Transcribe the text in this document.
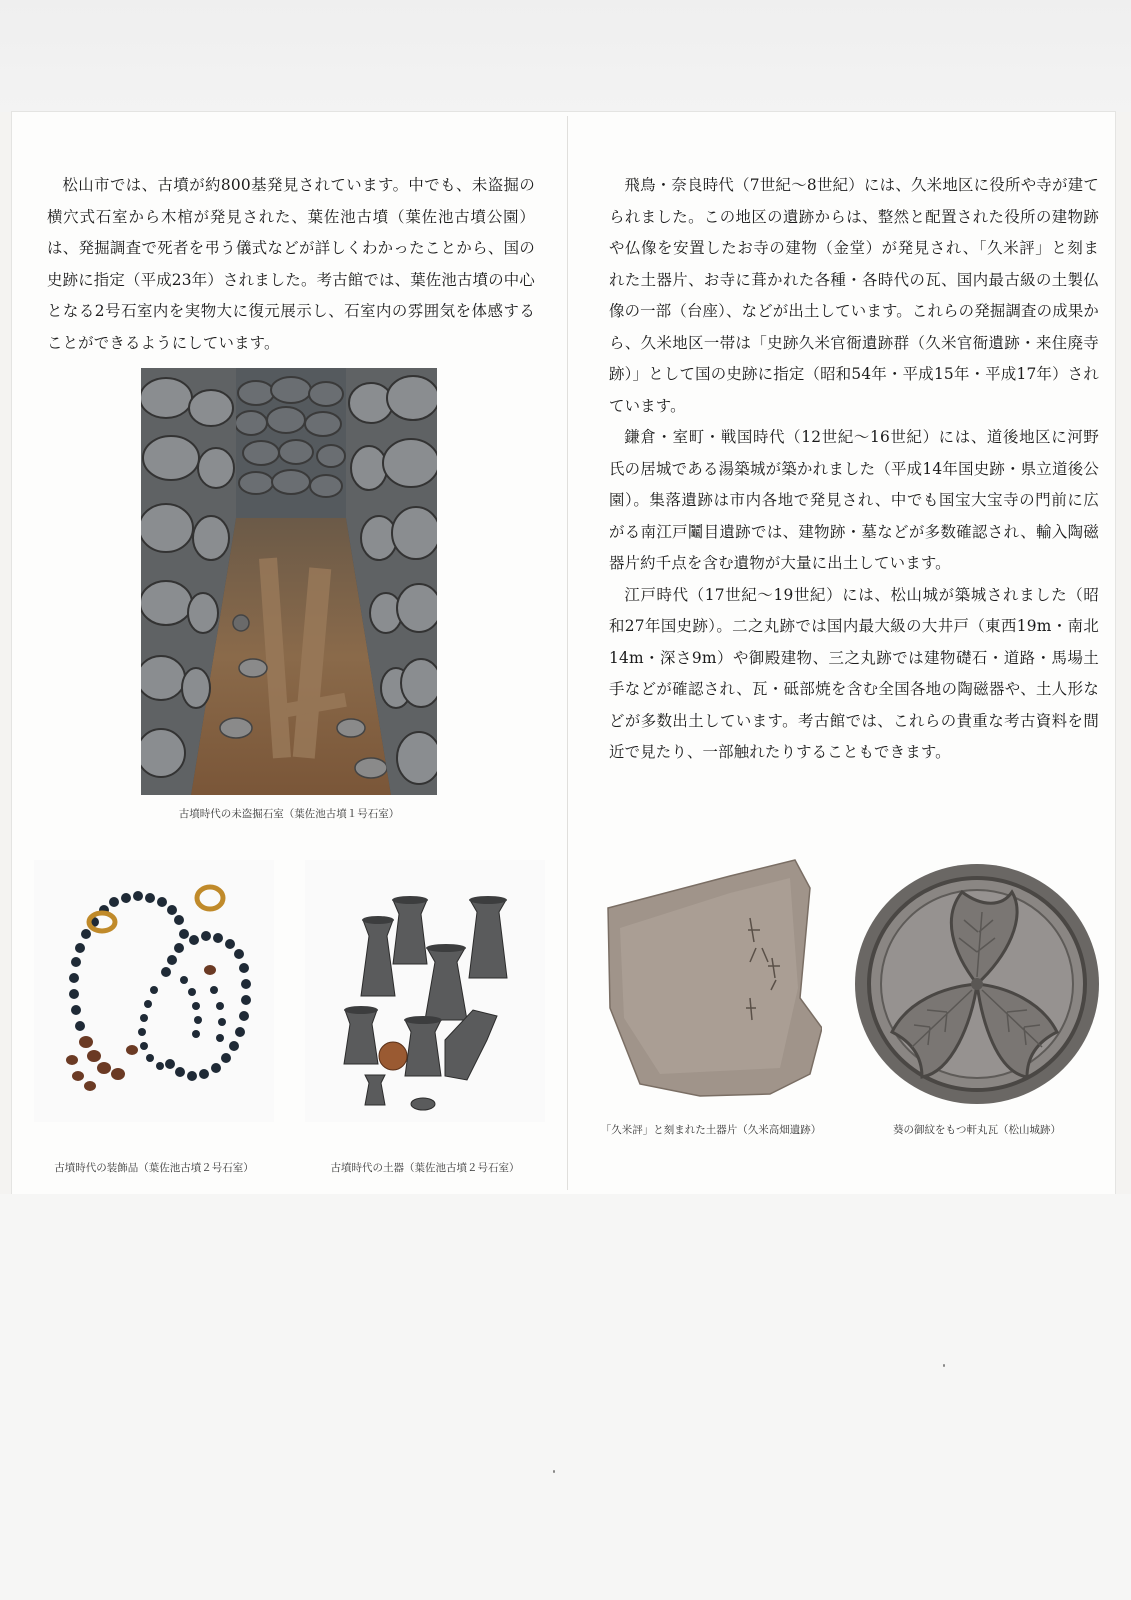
松山市では、古墳が約800基発見されています。中でも、未盗掘の横穴式石室から木棺が発見された、葉佐池古墳（葉佐池古墳公園）は、発掘調査で死者を弔う儀式などが詳しくわかったことから、国の史跡に指定（平成23年）されました。考古館では、葉佐池古墳の中心となる2号石室内を実物大に復元展示し、石室内の雰囲気を体感することができるようにしています。

古墳時代の未盗掘石室（葉佐池古墳１号石室）
古墳時代の装飾品（葉佐池古墳２号石室）	古墳時代の土器（葉佐池古墳２号石室）

飛鳥・奈良時代（7世紀～8世紀）には、久米地区に役所や寺が建てられました。この地区の遺跡からは、整然と配置された役所の建物跡や仏像を安置したお寺の建物（金堂）が発見され、「久米評」と刻まれた土器片、お寺に葺かれた各種・各時代の瓦、国内最古級の土製仏像の一部（台座）、などが出土しています。これらの発掘調査の成果から、久米地区一帯は「史跡久米官衙遺跡群（久米官衙遺跡・来住廃寺跡）」として国の史跡に指定（昭和54年・平成15年・平成17年）されています。

鎌倉・室町・戦国時代（12世紀～16世紀）には、道後地区に河野氏の居城である湯築城が築かれました（平成14年国史跡・県立道後公園）。集落遺跡は市内各地で発見され、中でも国宝大宝寺の門前に広がる南江戸鬮目遺跡では、建物跡・墓などが多数確認され、輸入陶磁器片約千点を含む遺物が大量に出土しています。

江戸時代（17世紀～19世紀）には、松山城が築城されました（昭和27年国史跡）。二之丸跡では国内最大級の大井戸（東西19m・南北14m・深さ9m）や御殿建物、三之丸跡では建物礎石・道路・馬場土手などが確認され、瓦・砥部焼を含む全国各地の陶磁器や、土人形などが多数出土しています。考古館では、これらの貴重な考古資料を間近で見たり、一部触れたりすることもできます。

「久米評」と刻まれた土器片（久米高畑遺跡）	葵の御紋をもつ軒丸瓦（松山城跡）
